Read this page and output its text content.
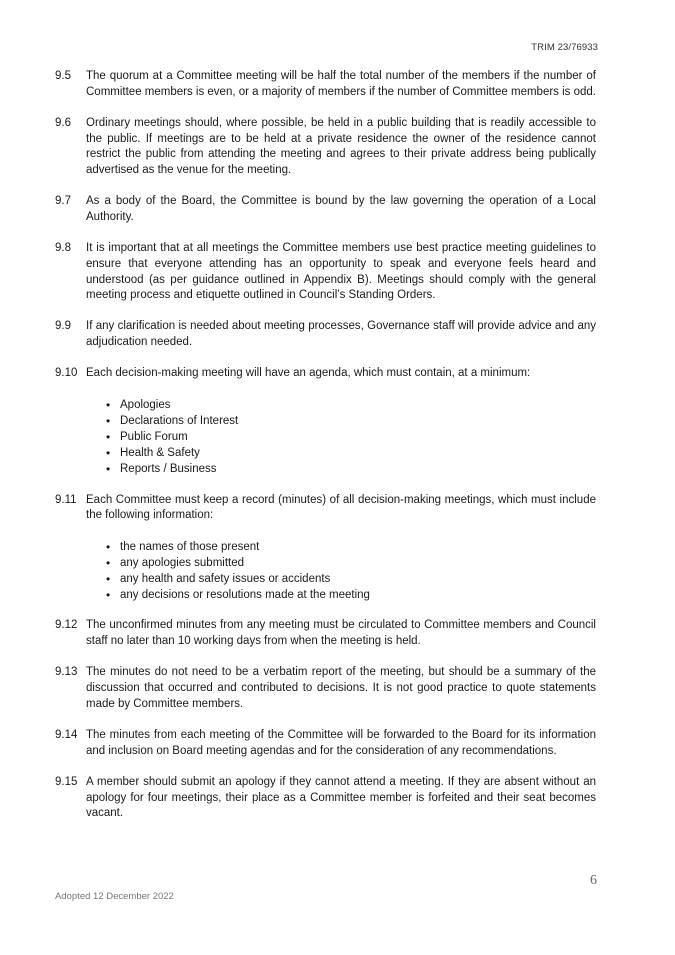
TRIM 23/76933
9.5	The quorum at a Committee meeting will be half the total number of the members if the number of Committee members is even, or a majority of members if the number of Committee members is odd.

9.6	Ordinary meetings should, where possible, be held in a public building that is readily accessible to the public. If meetings are to be held at a private residence the owner of the residence cannot restrict the public from attending the meeting and agrees to their private address being publically advertised as the venue for the meeting.

9.7	As a body of the Board, the Committee is bound by the law governing the operation of a Local Authority.

9.8	It is important that at all meetings the Committee members use best practice meeting guidelines to ensure that everyone attending has an opportunity to speak and everyone feels heard and understood (as per guidance outlined in Appendix B). Meetings should comply with the general meeting process and etiquette outlined in Council’s Standing Orders.

9.9	If any clarification is needed about meeting processes, Governance staff will provide advice and any adjudication needed.

9.10 Each decision-making meeting will have an agenda, which must contain, at a minimum:

• Apologies
• Declarations of Interest
• Public Forum
• Health & Safety
• Reports / Business
9.11 Each Committee must keep a record (minutes) of all decision-making meetings, which must include the following information:

• the names of those present
• any apologies submitted
• any health and safety issues or accidents
• any decisions or resolutions made at the meeting
9.12 The unconfirmed minutes from any meeting must be circulated to Committee members and Council staff no later than 10 working days from when the meeting is held.

9.13 The minutes do not need to be a verbatim report of the meeting, but should be a summary of the discussion that occurred and contributed to decisions. It is not good practice to quote statements made by Committee members.

9.14 The minutes from each meeting of the Committee will be forwarded to the Board for its information and inclusion on Board meeting agendas and for the consideration of any recommendations.

9.15 A member should submit an apology if they cannot attend a meeting. If they are absent without an apology for four meetings, their place as a Committee member is forfeited and their seat becomes vacant.

6
Adopted 12 December 2022
